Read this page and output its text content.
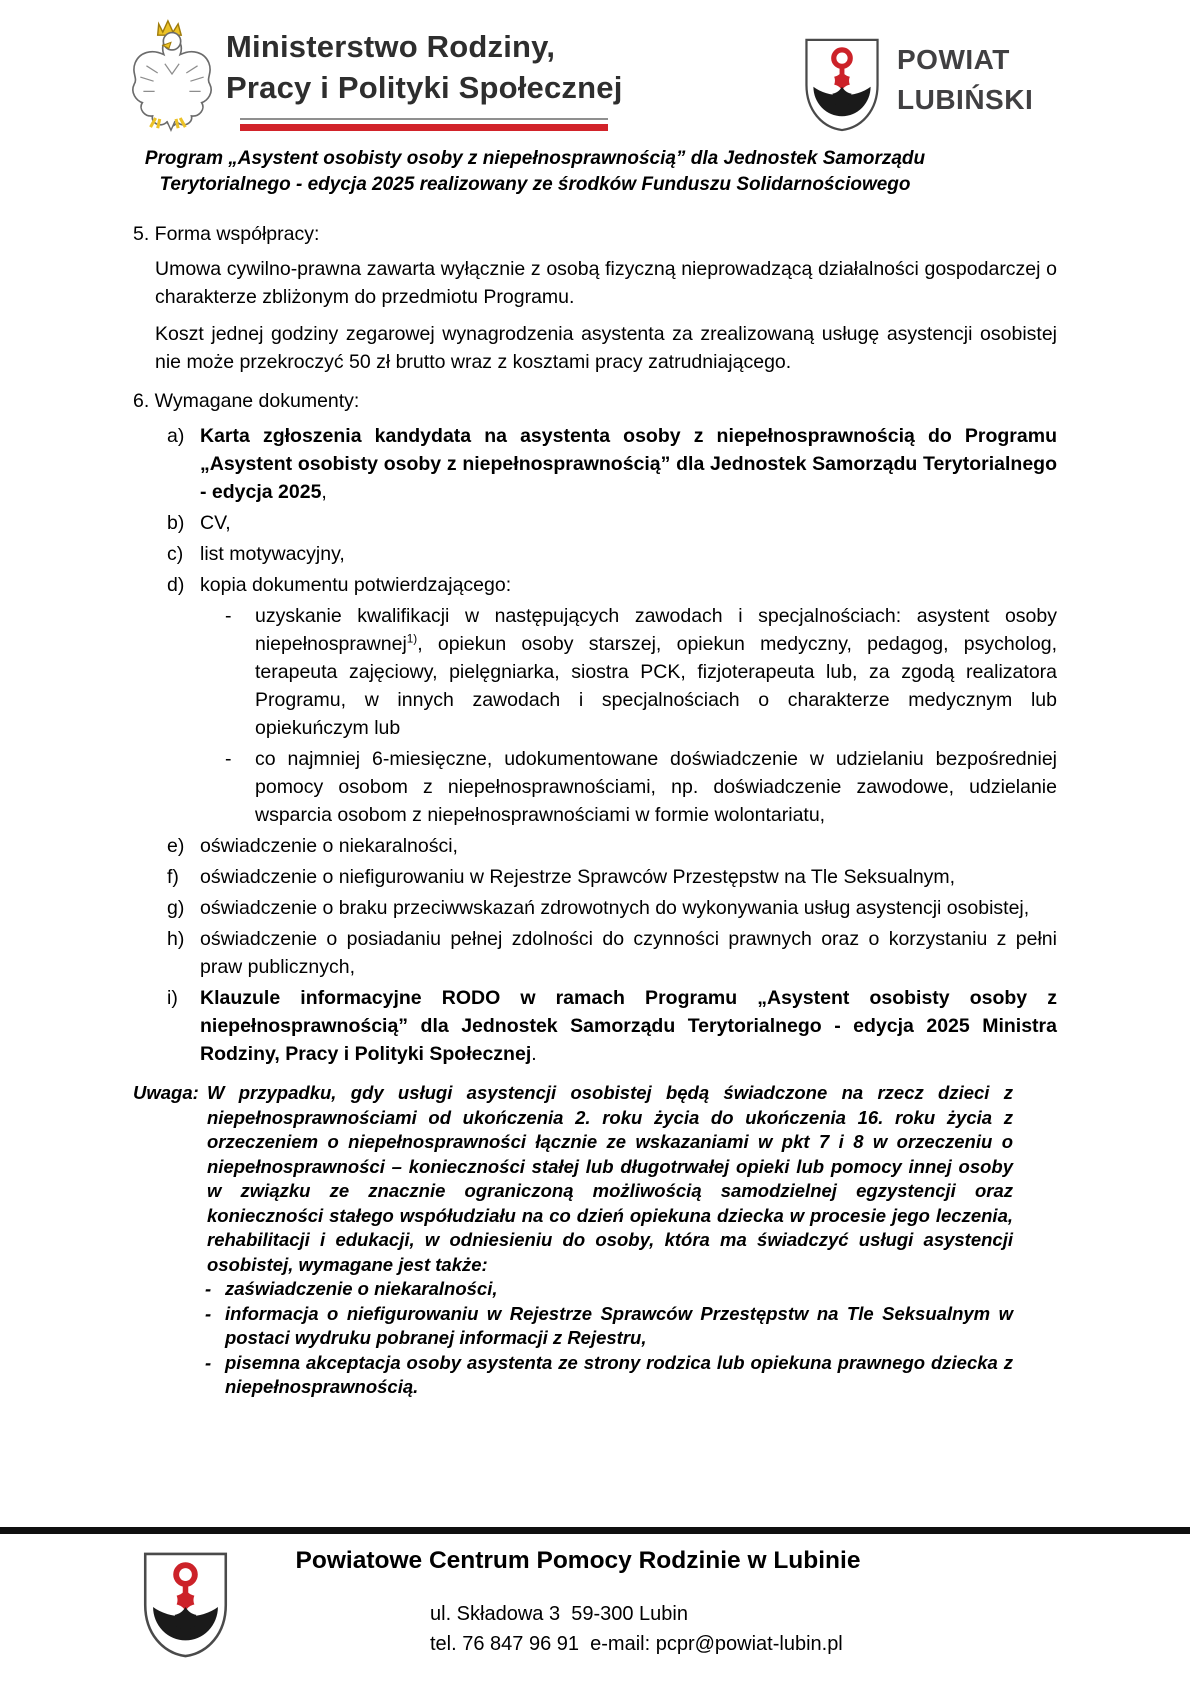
Ministerstwo Rodziny,
Pracy i Polityki Społecznej
POWIAT
LUBIŃSKI
Program „Asystent osobisty osoby z niepełnosprawnością” dla Jednostek Samorządu Terytorialnego - edycja 2025 realizowany ze środków Funduszu Solidarnościowego
5. Forma współpracy:

Umowa cywilno-prawna zawarta wyłącznie z osobą fizyczną nieprowadzącą działalności gospodarczej o charakterze zbliżonym do przedmiotu Programu.

Koszt jednej godziny zegarowej wynagrodzenia asystenta za zrealizowaną usługę asystencji osobistej nie może przekroczyć 50 zł brutto wraz z kosztami pracy zatrudniającego.

6. Wymagane dokumenty:
a) Karta zgłoszenia kandydata na asystenta osoby z niepełnosprawnością do Programu „Asystent osobisty osoby z niepełnosprawnością” dla Jednostek Samorządu Terytorialnego - edycja 2025,
b) CV,
c) list motywacyjny,
d) kopia dokumentu potwierdzającego:
- uzyskanie kwalifikacji w następujących zawodach i specjalnościach: asystent osoby niepełnosprawnej$^{1)}$, opiekun osoby starszej, opiekun medyczny, pedagog, psycholog, terapeuta zajęciowy, pielęgniarka, siostra PCK, fizjoterapeuta lub, za zgodą realizatora Programu, w innych zawodach i specjalnościach o charakterze medycznym lub opiekuńczym lub
- co najmniej 6-miesięczne, udokumentowane doświadczenie w udzielaniu bezpośredniej pomocy osobom z niepełnosprawnościami, np. doświadczenie zawodowe, udzielanie wsparcia osobom z niepełnosprawnościami w formie wolontariatu,
e) oświadczenie o niekaralności,
f) oświadczenie o niefigurowaniu w Rejestrze Sprawców Przestępstw na Tle Seksualnym,
g) oświadczenie o braku przeciwwskazań zdrowotnych do wykonywania usług asystencji osobistej,
h) oświadczenie o posiadaniu pełnej zdolności do czynności prawnych oraz o korzystaniu z pełni praw publicznych,
i) Klauzule informacyjne RODO w ramach Programu „Asystent osobisty osoby z niepełnosprawnością” dla Jednostek Samorządu Terytorialnego - edycja 2025 Ministra Rodziny, Pracy i Polityki Społecznej.
Uwaga: W przypadku, gdy usługi asystencji osobistej będą świadczone na rzecz dzieci z niepełnosprawnościami od ukończenia 2. roku życia do ukończenia 16. roku życia z orzeczeniem o niepełnosprawności łącznie ze wskazaniami w pkt 7 i 8 w orzeczeniu o niepełnosprawności – konieczności stałej lub długotrwałej opieki lub pomocy innej osoby w związku ze znacznie ograniczoną możliwością samodzielnej egzystencji oraz konieczności stałego współudziału na co dzień opiekuna dziecka w procesie jego leczenia, rehabilitacji i edukacji, w odniesieniu do osoby, która ma świadczyć usługi asystencji osobistej, wymagane jest także:
- zaświadczenie o niekaralności,
- informacja o niefigurowaniu w Rejestrze Sprawców Przestępstw na Tle Seksualnym w postaci wydruku pobranej informacji z Rejestru,
- pisemna akceptacja osoby asystenta ze strony rodzica lub opiekuna prawnego dziecka z niepełnosprawnością.
Powiatowe Centrum Pomocy Rodzinie w Lubinie
ul. Składowa 3  59-300 Lubin
tel. 76 847 96 91  e-mail: pcpr@powiat-lubin.pl
